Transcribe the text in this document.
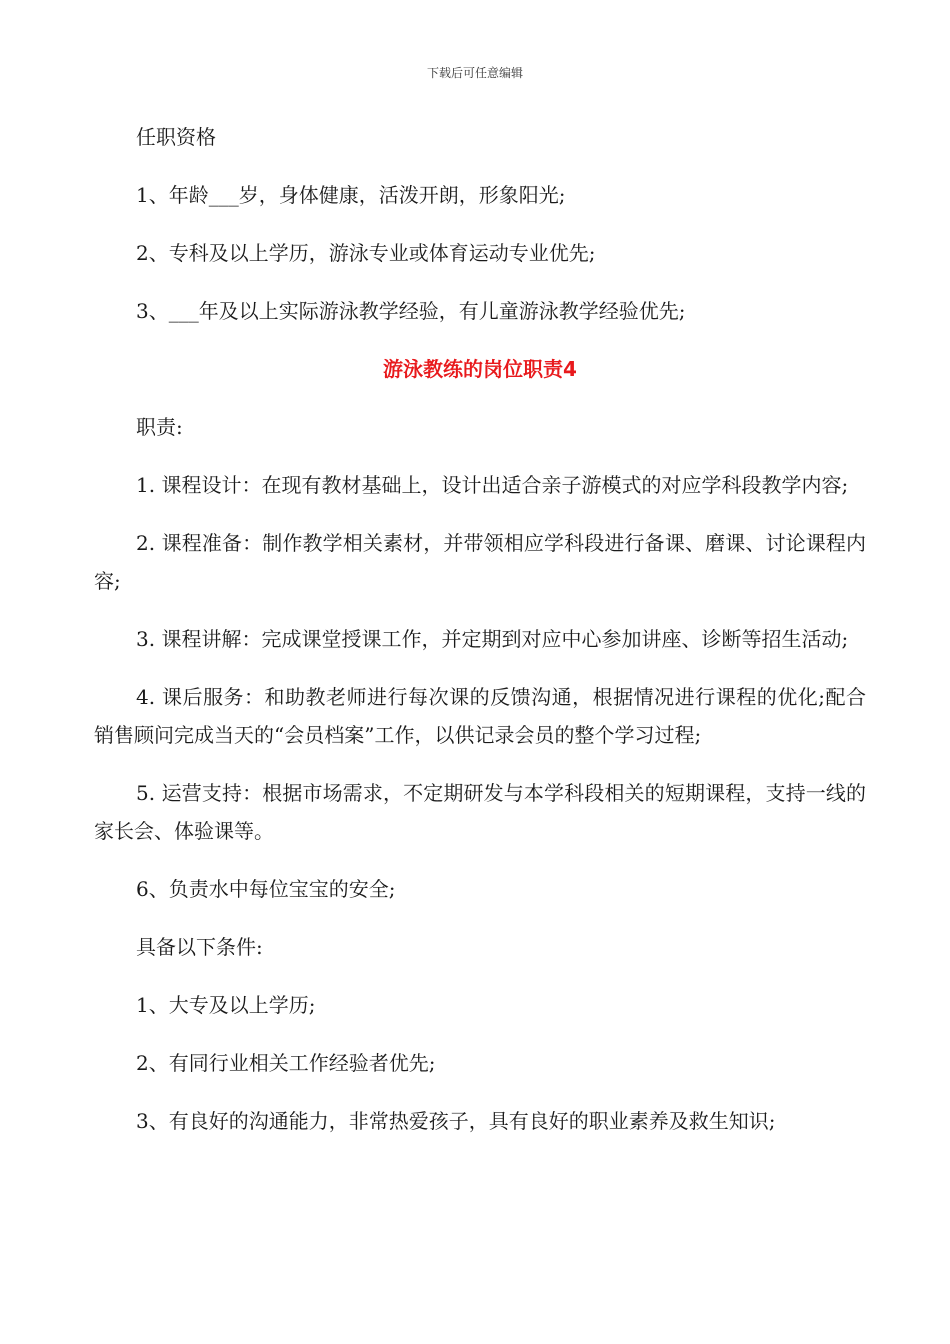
下载后可任意编辑

任职资格

1、年龄___岁，身体健康，活泼开朗，形象阳光;

2、专科及以上学历，游泳专业或体育运动专业优先;

3、___年及以上实际游泳教学经验，有儿童游泳教学经验优先;

游泳教练的岗位职责4

职责:

1. 课程设计：在现有教材基础上，设计出适合亲子游模式的对应学科段教学内容;

2. 课程准备：制作教学相关素材，并带领相应学科段进行备课、磨课、讨论课程内容;

3. 课程讲解：完成课堂授课工作，并定期到对应中心参加讲座、诊断等招生活动;

4. 课后服务：和助教老师进行每次课的反馈沟通，根据情况进行课程的优化;配合销售顾问完成当天的“会员档案”工作，以供记录会员的整个学习过程;

5. 运营支持：根据市场需求，不定期研发与本学科段相关的短期课程，支持一线的家长会、体验课等。

6、负责水中每位宝宝的安全;

具备以下条件:

1、大专及以上学历;

2、有同行业相关工作经验者优先;

3、有良好的沟通能力，非常热爱孩子，具有良好的职业素养及救生知识;
